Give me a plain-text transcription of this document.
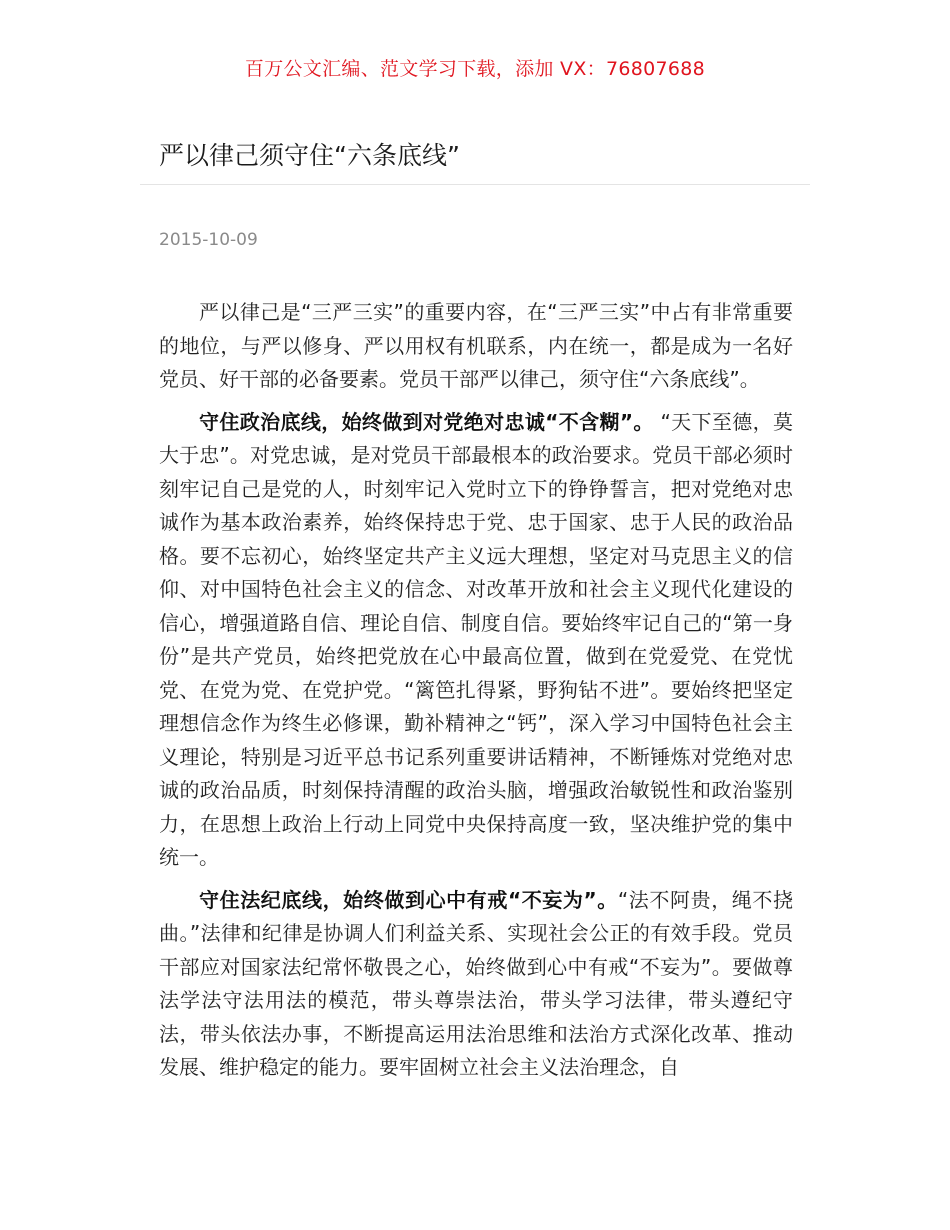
百万公文汇编、范文学习下载，添加 VX：76807688
严以律己须守住“六条底线”
2015-10-09

严以律己是“三严三实”的重要内容，在“三严三实”中占有非常重要的地位，与严以修身、严以用权有机联系，内在统一，都是成为一名好党员、好干部的必备要素。党员干部严以律己，须守住“六条底线”。

守住政治底线，始终做到对党绝对忠诚“不含糊”。 “天下至德，莫大于忠”。对党忠诚，是对党员干部最根本的政治要求。党员干部必须时刻牢记自己是党的人，时刻牢记入党时立下的铮铮誓言，把对党绝对忠诚作为基本政治素养，始终保持忠于党、忠于国家、忠于人民的政治品格。要不忘初心，始终坚定共产主义远大理想，坚定对马克思主义的信仰、对中国特色社会主义的信念、对改革开放和社会主义现代化建设的信心，增强道路自信、理论自信、制度自信。要始终牢记自己的“第一身份”是共产党员，始终把党放在心中最高位置，做到在党爱党、在党忧党、在党为党、在党护党。“篱笆扎得紧，野狗钻不进”。要始终把坚定理想信念作为终生必修课，勤补精神之“钙”，深入学习中国特色社会主义理论，特别是习近平总书记系列重要讲话精神，不断锤炼对党绝对忠诚的政治品质，时刻保持清醒的政治头脑，增强政治敏锐性和政治鉴别力，在思想上政治上行动上同党中央保持高度一致，坚决维护党的集中统一。

守住法纪底线，始终做到心中有戒“不妄为”。“法不阿贵，绳不挠曲。”法律和纪律是协调人们利益关系、实现社会公正的有效手段。党员干部应对国家法纪常怀敬畏之心，始终做到心中有戒“不妄为”。要做尊法学法守法用法的模范，带头尊崇法治，带头学习法律，带头遵纪守法，带头依法办事，不断提高运用法治思维和法治方式深化改革、推动发展、维护稳定的能力。要牢固树立社会主义法治理念，自
